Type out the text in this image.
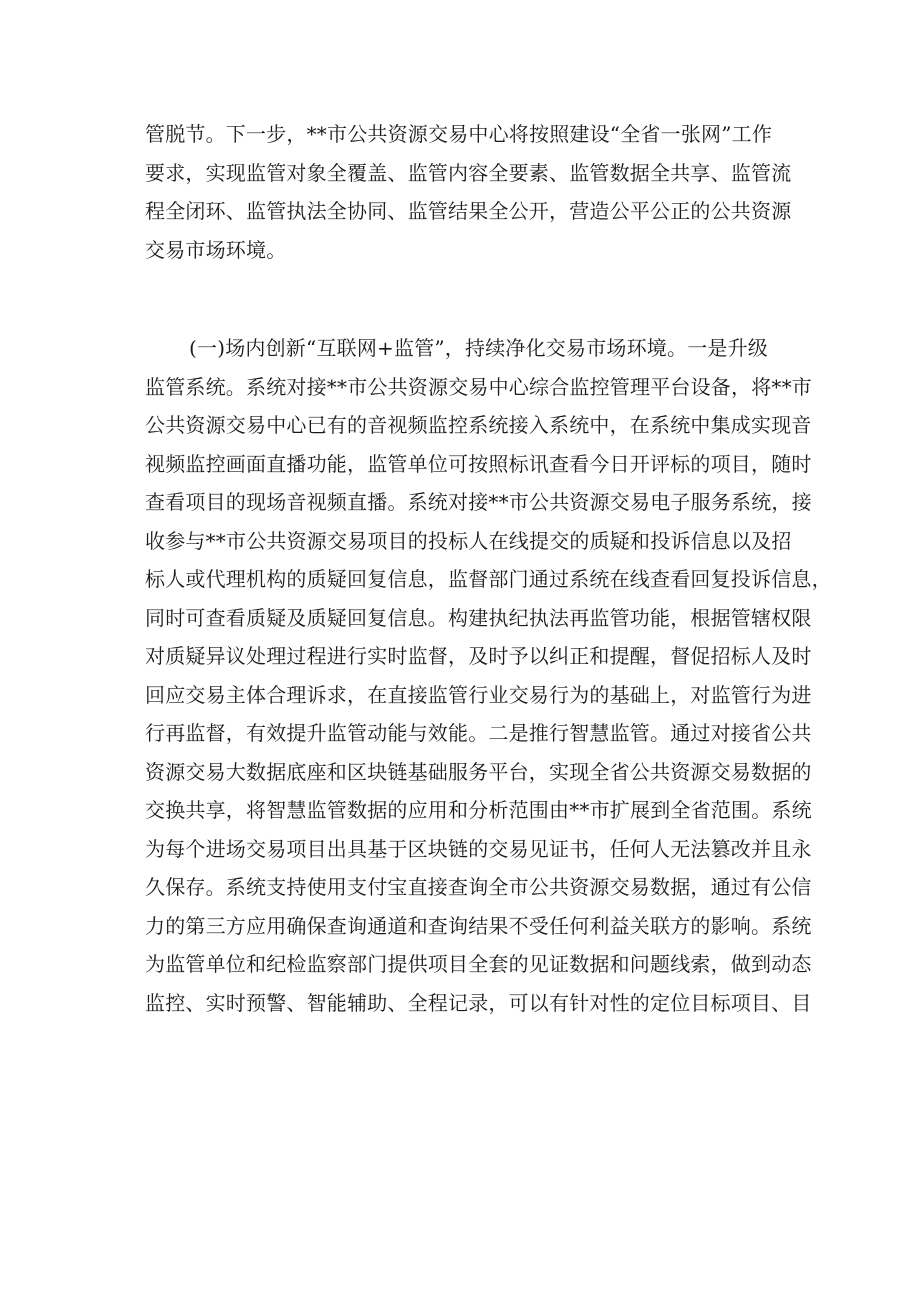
管脱节。下一步，**市公共资源交易中心将按照建设“全省一张网”工作
要求，实现监管对象全覆盖、监管内容全要素、监管数据全共享、监管流
程全闭环、监管执法全协同、监管结果全公开，营造公平公正的公共资源
交易市场环境。
(一)场内创新“互联网+监管”，持续净化交易市场环境。一是升级
监管系统。系统对接**市公共资源交易中心综合监控管理平台设备，将**市
公共资源交易中心已有的音视频监控系统接入系统中，在系统中集成实现音
视频监控画面直播功能，监管单位可按照标讯查看今日开评标的项目，随时
查看项目的现场音视频直播。系统对接**市公共资源交易电子服务系统，接
收参与**市公共资源交易项目的投标人在线提交的质疑和投诉信息以及招
标人或代理机构的质疑回复信息，监督部门通过系统在线查看回复投诉信息，
同时可查看质疑及质疑回复信息。构建执纪执法再监管功能，根据管辖权限
对质疑异议处理过程进行实时监督，及时予以纠正和提醒，督促招标人及时
回应交易主体合理诉求，在直接监管行业交易行为的基础上，对监管行为进
行再监督，有效提升监管动能与效能。二是推行智慧监管。通过对接省公共
资源交易大数据底座和区块链基础服务平台，实现全省公共资源交易数据的
交换共享，将智慧监管数据的应用和分析范围由**市扩展到全省范围。系统
为每个进场交易项目出具基于区块链的交易见证书，任何人无法篡改并且永
久保存。系统支持使用支付宝直接查询全市公共资源交易数据，通过有公信
力的第三方应用确保查询通道和查询结果不受任何利益关联方的影响。系统
为监管单位和纪检监察部门提供项目全套的见证数据和问题线索，做到动态
监控、实时预警、智能辅助、全程记录，可以有针对性的定位目标项目、目
